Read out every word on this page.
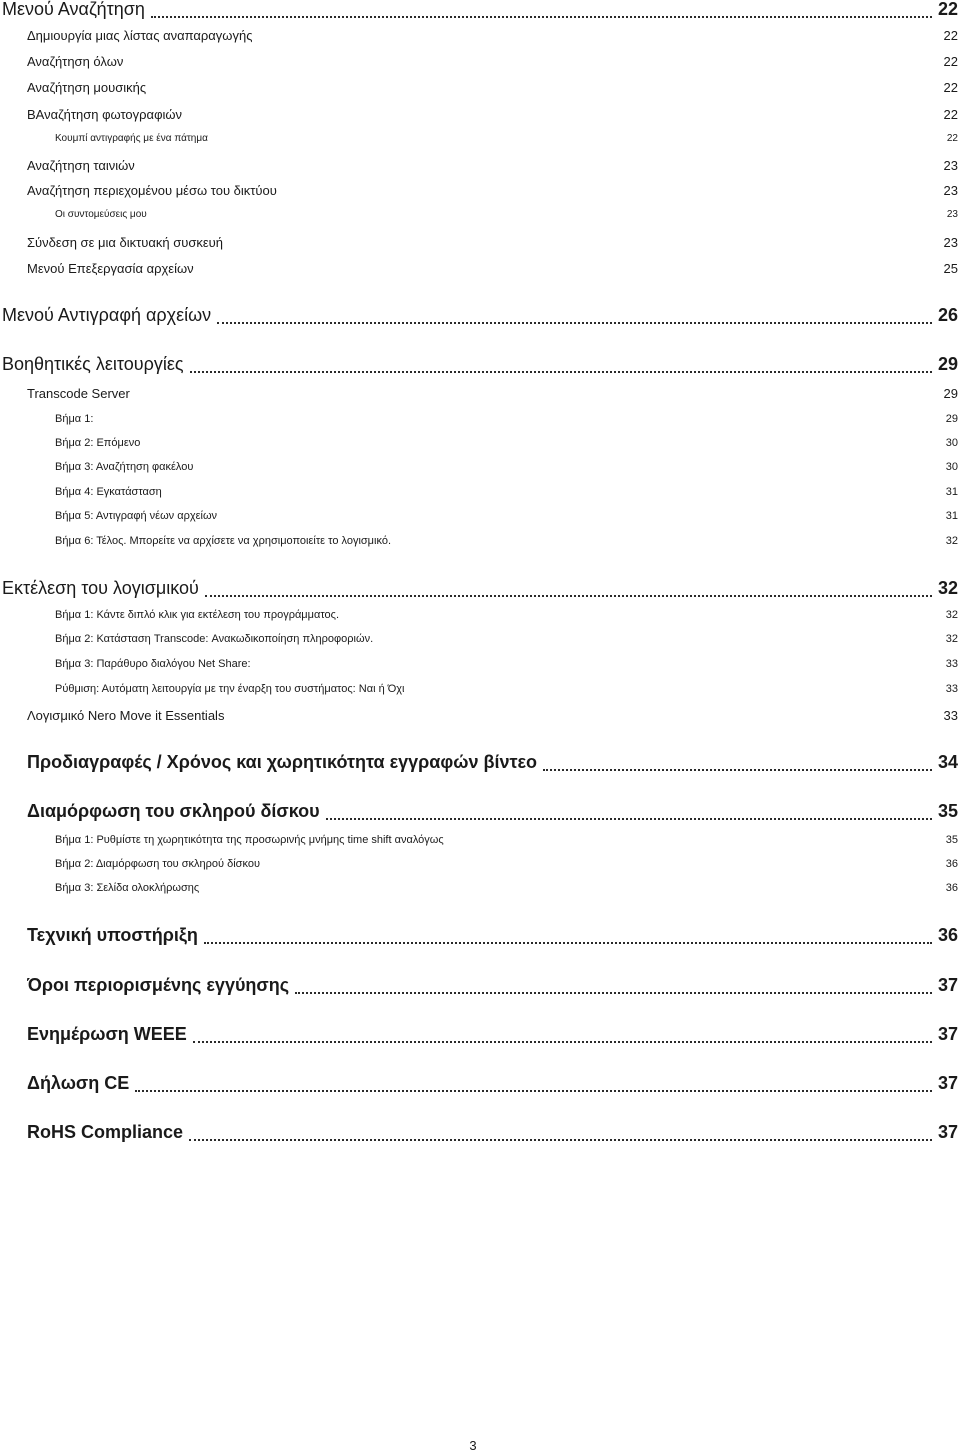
Μενού Αναζήτηση	22
Δημιουργία μιας λίστας αναπαραγωγής	22
Αναζήτηση όλων	22
Αναζήτηση μουσικής	22
ΒΑναζήτηση φωτογραφιών	22
Κουμπί αντιγραφής με ένα πάτημα	22
Αναζήτηση ταινιών	23
Αναζήτηση περιεχομένου μέσω του δικτύου	23
Οι συντομεύσεις μου	23
Σύνδεση σε μια δικτυακή συσκευή	23
Μενού Επεξεργασία αρχείων	25
Μενού Αντιγραφή αρχείων	26
Βοηθητικές λειτουργίες	29
Transcode Server	29
Βήμα 1:	29
Βήμα 2: Επόμενο	30
Βήμα 3: Αναζήτηση φακέλου	30
Βήμα 4: Εγκατάσταση	31
Βήμα 5: Αντιγραφή νέων αρχείων	31
Βήμα 6: Τέλος. Μπορείτε να αρχίσετε να χρησιμοποιείτε το λογισμικό.	32
Εκτέλεση του λογισμικού	32
Βήμα 1: Κάντε διπλό κλικ για εκτέλεση του προγράμματος.	32
Βήμα 2: Κατάσταση Transcode: Ανακωδικοποίηση πληροφοριών.	32
Βήμα 3: Παράθυρο διαλόγου Net Share:	33
Ρύθμιση: Αυτόματη λειτουργία με την έναρξη του συστήματος: Ναι ή Όχι	33
Λογισμικό Nero Move it Essentials	33
Προδιαγραφές / Χρόνος και χωρητικότητα εγγραφών βίντεο	34
Διαμόρφωση του σκληρού δίσκου	35
Βήμα 1: Ρυθμίστε τη χωρητικότητα της προσωρινής μνήμης time shift αναλόγως	35
Βήμα 2: Διαμόρφωση του σκληρού δίσκου	36
Βήμα 3: Σελίδα ολοκλήρωσης	36
Τεχνική υποστήριξη	36
Όροι περιορισμένης εγγύησης	37
Ενημέρωση WEEE	37
Δήλωση CE	37
RoHS Compliance	37
3
